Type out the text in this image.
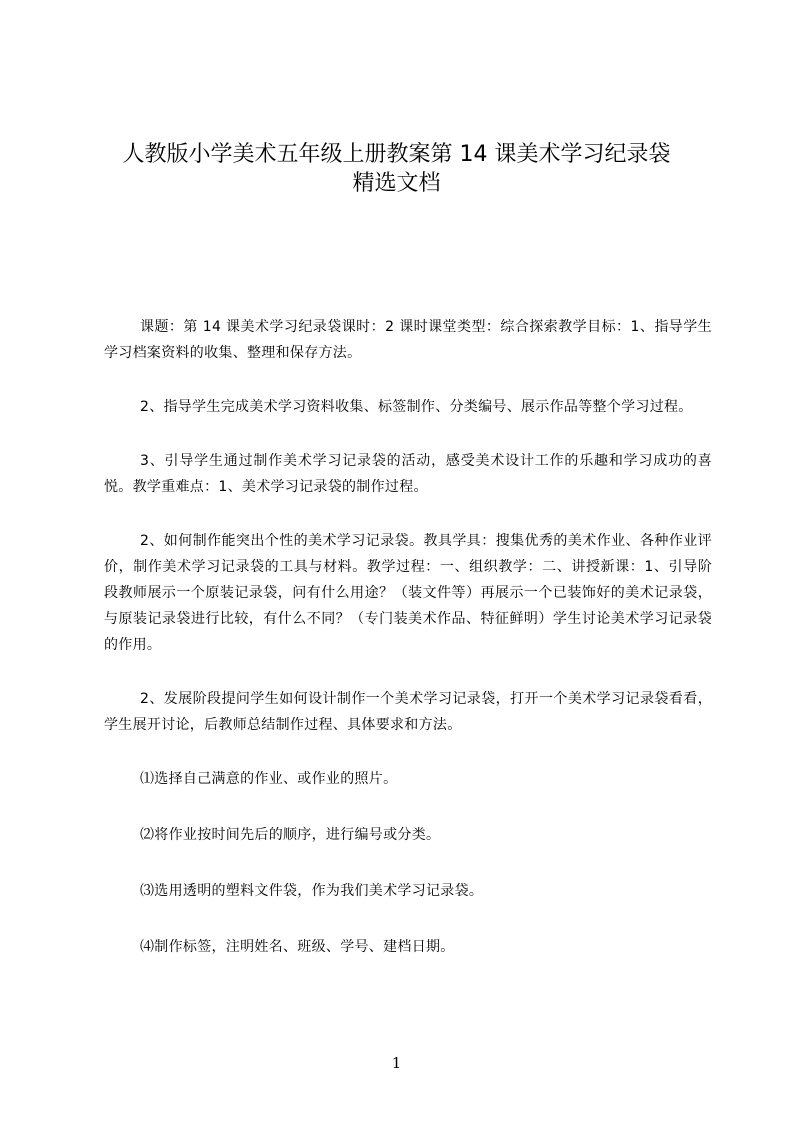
人教版小学美术五年级上册教案第 14 课美术学习纪录袋
精选文档

课题：第 14 课美术学习纪录袋课时：2 课时课堂类型：综合探索教学目标：1、指导学生学习档案资料的收集、整理和保存方法。

2、指导学生完成美术学习资料收集、标签制作、分类编号、展示作品等整个学习过程。

3、引导学生通过制作美术学习记录袋的活动，感受美术设计工作的乐趣和学习成功的喜悦。教学重难点：1、美术学习记录袋的制作过程。

2、如何制作能突出个性的美术学习记录袋。教具学具：搜集优秀的美术作业、各种作业评价，制作美术学习记录袋的工具与材料。教学过程：一、组织教学：二、讲授新课：1、引导阶段教师展示一个原装记录袋，问有什么用途？（装文件等）再展示一个已装饰好的美术记录袋，与原装记录袋进行比较，有什么不同？（专门装美术作品、特征鲜明）学生讨论美术学习记录袋的作用。

2、发展阶段提问学生如何设计制作一个美术学习记录袋，打开一个美术学习记录袋看看，学生展开讨论，后教师总结制作过程、具体要求和方法。

⑴选择自己满意的作业、或作业的照片。

⑵将作业按时间先后的顺序，进行编号或分类。

⑶选用透明的塑料文件袋，作为我们美术学习记录袋。

⑷制作标签，注明姓名、班级、学号、建档日期。

1
